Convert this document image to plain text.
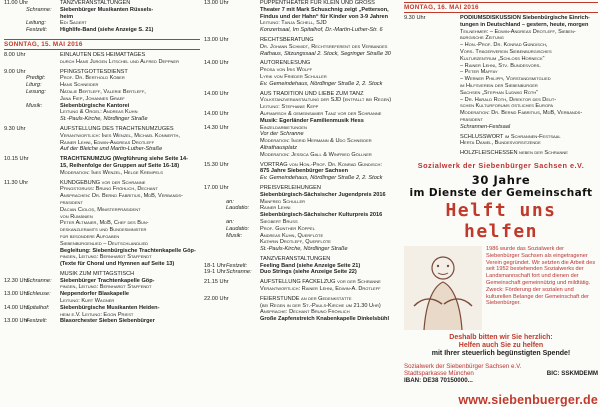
11.00 Uhr	TANZVERANSTALTUNGEN
Schranne:	Siebenbürger Musikanten Rüssels-
heim
Leitung:	Edi Sagert
Festzelt:	Highlife-Band (siehe Anzeige S. 21)
SONNTAG, 15. MAI 2016
8.00 Uhr	EINLÄUTEN DES HEIMATTAGES
durch Hans Jürgen Litschel und Alfred Deppner
9.00 Uhr	PFINGSTGOTTESDIENST
Predigt:	Prof. Dr. Berthold Köber
Liturg:	Hans Schneider
Lesung:	Natalie Bertleff, Valerie Bertleff,
Jana Fiep, Johannes Graef
Musik:	Siebenbürgische Kantorei
Leitung & Orgel: Andreas Kuhn
St.-Pauls-Kirche, Nördlinger Straße
9.30 Uhr	AUFSTELLUNG DES TRACHTENUMZUGES
Verantwortlich: Ines Wenzel, Michael Konnerth,
Rainer Lehni, Edwin-Andreas Drotleff
Auf der Bleiche und Martin-Luther-Straße
10.15 Uhr	TRACHTENUMZUG (Wegführung siehe Seite 14-
15, Reihenfolge der Gruppen auf Seite 16-18)
Moderation: Ines Wenzel, Helge Krempels
11.30 Uhr	KUNDGEBUNG vor der Schranne
Pfingstgruß: Bruno Fröhlich, Dechant
Ansprachen: Dr. Bernd Fabritius, MdB, Verbands-
präsident
Dacian Cioloș, Ministerpräsident
von Rumänien
Peter Altmaier, MdB, Chef des Bun-
deskanzleramts und Bundesminister
für besondere Aufgaben
Siebenbürgenlied – Deutschlandlied
Begleitung: Siebenbürgische Trachtenkapelle Göp-
pingen, Leitung: Bernhardt Staffendt
(Texte für Choral und Hymnen auf Seite 13)
MUSIK ZUM MITTAGSTISCH
12.30 Uhr
Schranne:	Siebenbürger Trachtenkapelle Göp-
pingen, Leitung: Bernhardt Staffendt
13.00 Uhr
Schleuse:	Neppendorfer Blaskapelle
Leitung: Kurt Wagner
14.00 Uhr
Spitalhof:	Siebenbürgische Musikanten Heiden-
heim e.V. Leitung: Egon Priest
13.00 Uhr
Festzelt:	Blasorchester Sieben Siebenbürger
13.00 Uhr	PUPPENTHEATER FÜR KLEIN UND GROSS
Theater 7 mit Mark Schuschnig zeigt „Petterson,
Findus und der Hahn“ für Kinder von 3-9 Jahren
Leitung: Tanja Schell, SJD
Konzertsaal, Im Spitalhof, Dr.-Martin-Luther-Str. 6
13.00 Uhr	RECHTSBERATUNG
Dr. Johann Schmidt, Rechtsreferent des Verbandes
Rathaus, Sitzungssaal 2. Stock, Segringer Straße 30
14.00 Uhr	AUTORENLESUNG
Prosa von Iris Wolff
Lyrik von Frieder Schuller
Ev. Gemeindehaus, Nördlinger Straße 2, 2. Stock
14.00 Uhr	AUS TRADITION UND LIEBE ZUM TANZ
Volkstanzveranstaltung der SJD (entfällt bei Regen)
Leitung: Stephanie Kepp
14.00 Uhr	Aufmarsch & gemeinsamer Tanz vor der Schranne
Musik: Egerländer Familienmusik Hess
14.30 Uhr	Einzeldarbietungen
Vor der Schranne
Moderation: Ingrid Hermann & Udo Schneider
Altrathausplatz
Moderation: Jessica Gall & Winfried Göllner
15.30 Uhr	VORTRAG von Hon.-Prof. Dr. Konrad Gündisch:
875 Jahre Siebenbürger Sachsen
Ev. Gemeindehaus, Nördlinger Straße 2, 2. Stock
17.00 Uhr	PREISVERLEIHUNGEN
Siebenbürgisch-Sächsischer Jugendpreis 2016
an:	Manfred Schuller
Laudatio:	Rainer Lehni
Siebenbürgisch-Sächsischer Kulturpreis 2016
an:	Siegbert Bruss
Laudatio:	Prof. Günther Köppel
Musik:	Andreas Kuhn, Querflöte
Kathrin Drotleff, Querflöte
St.-Pauls-Kirche, Nördlinger Straße
TANZVERANSTALTUNGEN
18-1 Uhr Festzelt:	Feeling Band (siehe Anzeige Seite 21)
19-1 Uhr Schranne:	Duo Strings (siehe Anzeige Seite 22)
21.15 Uhr	AUFSTELLUNG FACKELZUG vor der Schranne
Verantwortlich: Rainer Lehni, Edwin-A. Drotleff
22.00 Uhr	FEIERSTUNDE an der Gedenkstätte
(bei Regen in der St.-Pauls-Kirche um 21.30 Uhr)
Ansprache: Dechant Bruno Fröhlich
Große Zapfenstreich Knabenkapelle Dinkelsbühl
MONTAG, 16. MAI 2016
9.30 Uhr	PODIUMSDISKUSSION Siebenbürgische Einrich-
tungen in Deutschland – gestern, heute, morgen
Teilnehmer: – Edwin-Andreas Drotleff, Sieben-
bürgische Zeitung
– Hon.-Prof. Dr. Konrad Gündisch,
Vors. Trägerverein Siebenbürgisches
Kulturzentrum „Schloss Horneck“
– Rainer Lehni, Stv. Bundesvors.
– Peter Maffay
– Werner Philippi, Vorstandsmitglied
im Hilfsverein der Siebenbürger
Sachsen „Stephan Ludwig Roth“
– Dr. Harald Roth, Direktor des Deut-
schen Kulturforums östliches Europa
Moderation: Dr. Bernd Fabritius, MdB, Verbands-
präsident
Schrannen-Festsaal
SCHLUSSWORT im Schrannen-Festsaal
Herta Daniel, Bundesvorsitzende
HOLZFLEISCHESSEN neben der Schranne
Sozialwerk der Siebenbürger Sachsen e.V.
30 Jahre
im Dienste der Gemeinschaft
Helft uns helfen
1986 wurde das Sozialwerk der Siebenbürger Sachsen als eingetragener Verein gegründet. Wir setzten die Arbeit des seit 1952 bestehenden Sozialwerks der Landsmannschaft fort und dienen der Gemeinschaft gemeinnützig und mildtätig. Zweck: Förderung der sozialen und kulturellen Belange der Gemeinschaft der Siebenbürger.
Deshalb bitten wir Sie herzlich:
Helfen auch Sie zu helfen
mit Ihrer steuerlich begünstigten Spende!
Sozialwerk der Siebenbürger Sachsen e.V.
Stadtsparkasse München	BIC: SSKMDEMM
IBAN: DE38 70150000...
www.siebenbuerger.de
